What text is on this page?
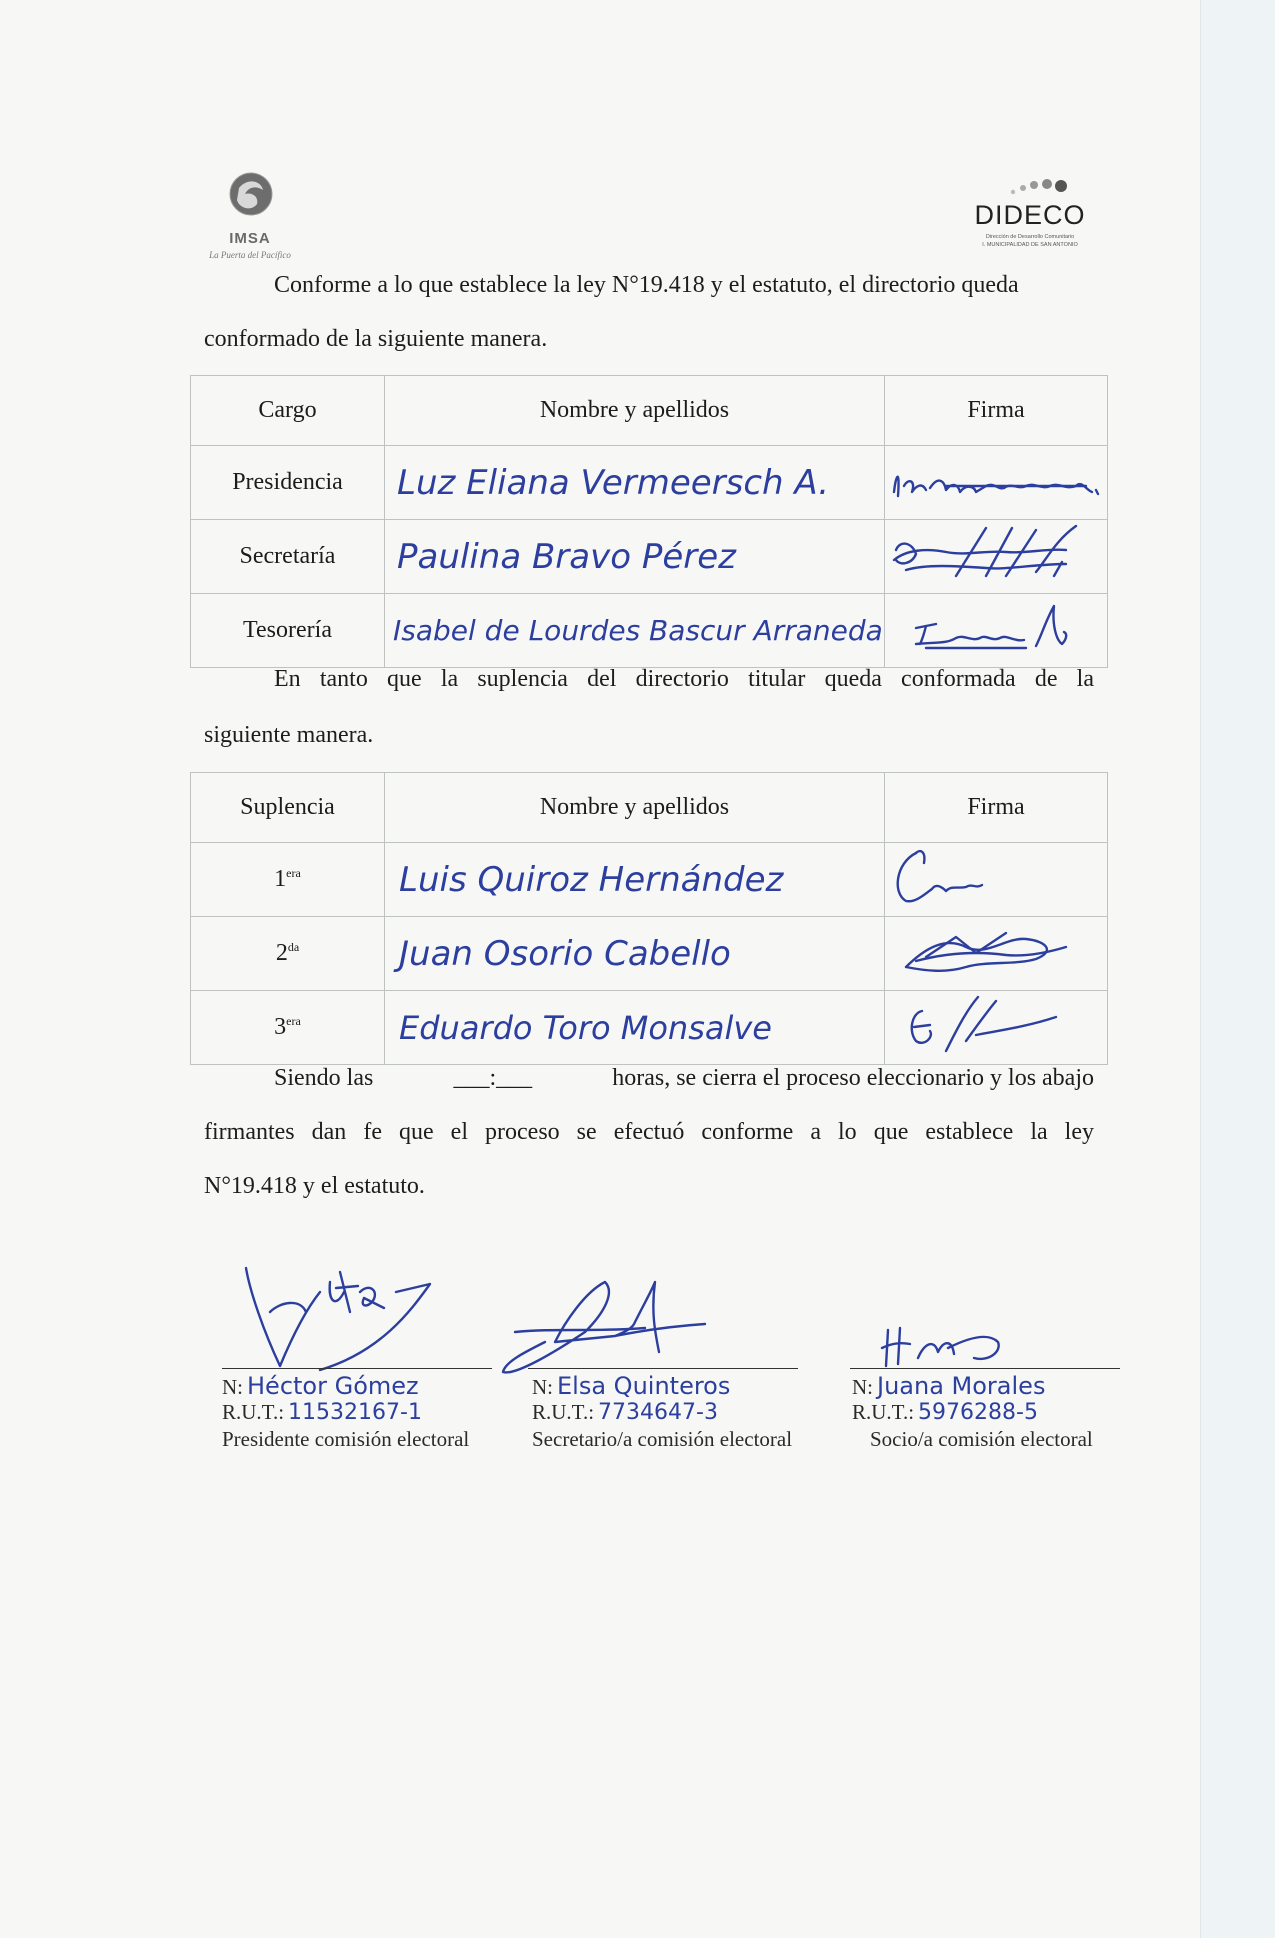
IMSA
La Puerta del Pacífico
DIDECO
Dirección de Desarrollo Comunitario
I. MUNICIPALIDAD DE SAN ANTONIO
Conforme a lo que establece la ley N°19.418 y el estatuto, el directorio queda
conformado de la siguiente manera.
Cargo	Nombre y apellidos	Firma
Presidencia	Luz Eliana Vermeersch A.	
Secretaría	Paulina Bravo Pérez	
Tesorería	Isabel de Lourdes Bascur Arraneda	
En tanto que la suplencia del directorio titular queda conformada de la
siguiente manera.
Suplencia	Nombre y apellidos	Firma
$1^{era}$	Luis Quiroz Hernández	
$2^{da}$	Juan Osorio Cabello	
$3^{era}$	Eduardo Toro Monsalve	
Siendo las	___:___	horas, se cierra el proceso eleccionario y los abajo
firmantes dan fe que el proceso se efectuó conforme a lo que establece la ley
N°19.418 y el estatuto.
N: Héctor Gómez
R.U.T.: 11532167-1
Presidente comisión electoral
N: Elsa Quinteros
R.U.T.: 7734647-3
Secretario/a comisión electoral
N: Juana Morales
R.U.T.: 5976288-5
Socio/a comisión electoral
